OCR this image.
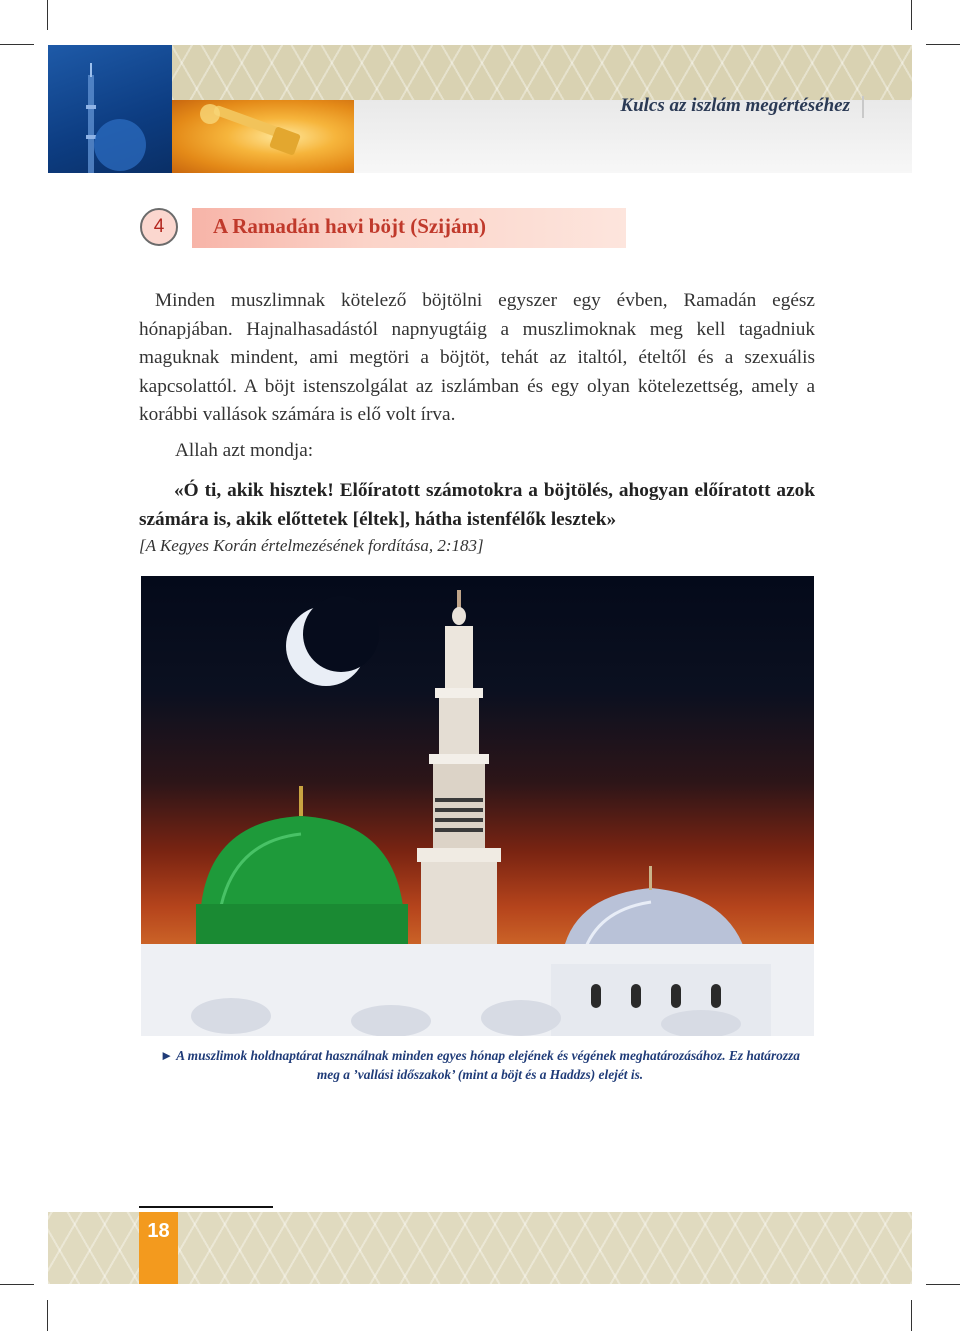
Kulcs az iszlám megértéséhez
4	A Ramadán havi böjt (Szijám)
Minden muszlimnak kötelező böjtölni egyszer egy évben, Ramadán egész hónapjában. Hajnalhasadástól napnyugtáig a muszlimoknak meg kell tagadniuk maguknak mindent, ami megtöri a böjtöt, tehát az italtól, ételtől és a szexuális kapcsolattól. A böjt istenszolgálat az iszlámban és egy olyan kötelezettség, amely a korábbi vallások számára is elő volt írva.
Allah azt mondja:
«Ó ti, akik hisztek! Előíratott számotokra a böjtölés, ahogyan előíratott azok számára is, akik előttetek [éltek], hátha istenfélők lesztek»
[A Kegyes Korán értelmezésének fordítása, 2:183]
► A muszlimok holdnaptárat használnak minden egyes hónap elejének és végének meghatározásához. Ez határozza meg a ’vallási időszakok’ (mint a böjt és a Haddzs) elejét is.
18
